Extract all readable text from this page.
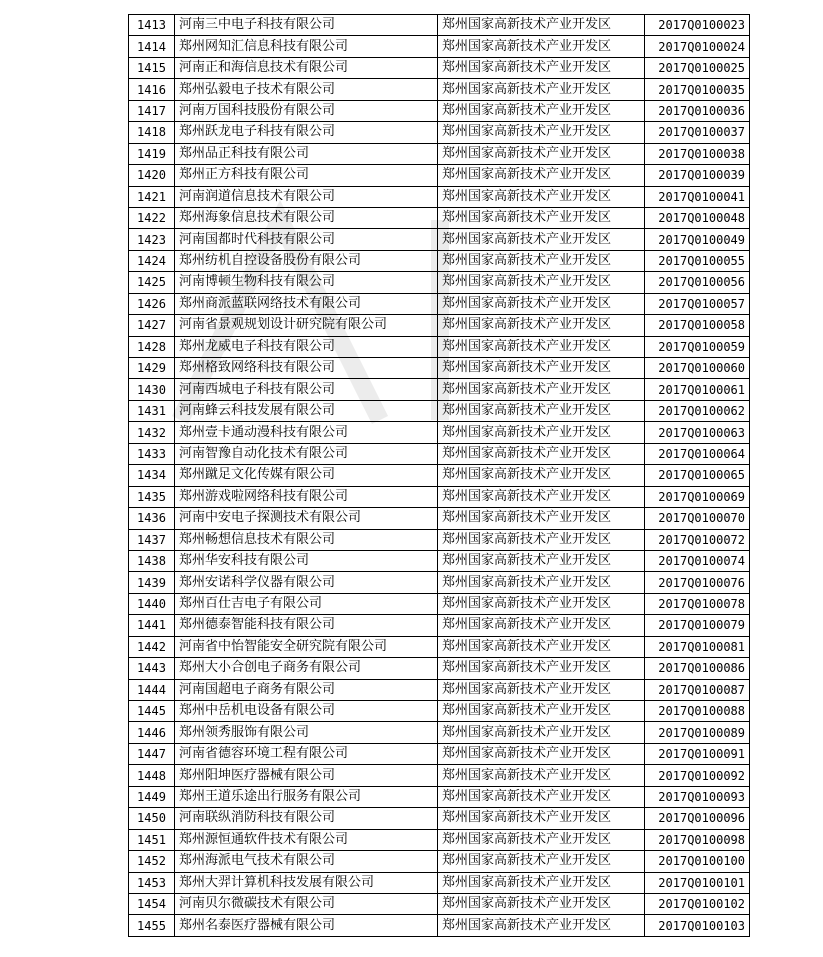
1413	河南三中电子科技有限公司	郑州国家高新技术产业开发区	2017Q0100023
1414	郑州网知汇信息科技有限公司	郑州国家高新技术产业开发区	2017Q0100024
1415	河南正和海信息技术有限公司	郑州国家高新技术产业开发区	2017Q0100025
1416	郑州弘毅电子技术有限公司	郑州国家高新技术产业开发区	2017Q0100035
1417	河南万国科技股份有限公司	郑州国家高新技术产业开发区	2017Q0100036
1418	郑州跃龙电子科技有限公司	郑州国家高新技术产业开发区	2017Q0100037
1419	郑州品正科技有限公司	郑州国家高新技术产业开发区	2017Q0100038
1420	郑州正方科技有限公司	郑州国家高新技术产业开发区	2017Q0100039
1421	河南润道信息技术有限公司	郑州国家高新技术产业开发区	2017Q0100041
1422	郑州海象信息技术有限公司	郑州国家高新技术产业开发区	2017Q0100048
1423	河南国都时代科技有限公司	郑州国家高新技术产业开发区	2017Q0100049
1424	郑州纺机自控设备股份有限公司	郑州国家高新技术产业开发区	2017Q0100055
1425	河南博顿生物科技有限公司	郑州国家高新技术产业开发区	2017Q0100056
1426	郑州商派蓝联网络技术有限公司	郑州国家高新技术产业开发区	2017Q0100057
1427	河南省景观规划设计研究院有限公司	郑州国家高新技术产业开发区	2017Q0100058
1428	郑州龙威电子科技有限公司	郑州国家高新技术产业开发区	2017Q0100059
1429	郑州格致网络科技有限公司	郑州国家高新技术产业开发区	2017Q0100060
1430	河南西城电子科技有限公司	郑州国家高新技术产业开发区	2017Q0100061
1431	河南蜂云科技发展有限公司	郑州国家高新技术产业开发区	2017Q0100062
1432	郑州壹卡通动漫科技有限公司	郑州国家高新技术产业开发区	2017Q0100063
1433	河南智豫自动化技术有限公司	郑州国家高新技术产业开发区	2017Q0100064
1434	郑州蹴足文化传媒有限公司	郑州国家高新技术产业开发区	2017Q0100065
1435	郑州游戏啦网络科技有限公司	郑州国家高新技术产业开发区	2017Q0100069
1436	河南中安电子探测技术有限公司	郑州国家高新技术产业开发区	2017Q0100070
1437	郑州畅想信息技术有限公司	郑州国家高新技术产业开发区	2017Q0100072
1438	郑州华安科技有限公司	郑州国家高新技术产业开发区	2017Q0100074
1439	郑州安诺科学仪器有限公司	郑州国家高新技术产业开发区	2017Q0100076
1440	郑州百仕吉电子有限公司	郑州国家高新技术产业开发区	2017Q0100078
1441	郑州德泰智能科技有限公司	郑州国家高新技术产业开发区	2017Q0100079
1442	河南省中怡智能安全研究院有限公司	郑州国家高新技术产业开发区	2017Q0100081
1443	郑州大小合创电子商务有限公司	郑州国家高新技术产业开发区	2017Q0100086
1444	河南国超电子商务有限公司	郑州国家高新技术产业开发区	2017Q0100087
1445	郑州中岳机电设备有限公司	郑州国家高新技术产业开发区	2017Q0100088
1446	郑州领秀服饰有限公司	郑州国家高新技术产业开发区	2017Q0100089
1447	河南省德容环境工程有限公司	郑州国家高新技术产业开发区	2017Q0100091
1448	郑州阳坤医疗器械有限公司	郑州国家高新技术产业开发区	2017Q0100092
1449	郑州王道乐途出行服务有限公司	郑州国家高新技术产业开发区	2017Q0100093
1450	河南联纵消防科技有限公司	郑州国家高新技术产业开发区	2017Q0100096
1451	郑州源恒通软件技术有限公司	郑州国家高新技术产业开发区	2017Q0100098
1452	郑州海派电气技术有限公司	郑州国家高新技术产业开发区	2017Q0100100
1453	郑州大羿计算机科技发展有限公司	郑州国家高新技术产业开发区	2017Q0100101
1454	河南贝尔微碳技术有限公司	郑州国家高新技术产业开发区	2017Q0100102
1455	郑州名泰医疗器械有限公司	郑州国家高新技术产业开发区	2017Q0100103
